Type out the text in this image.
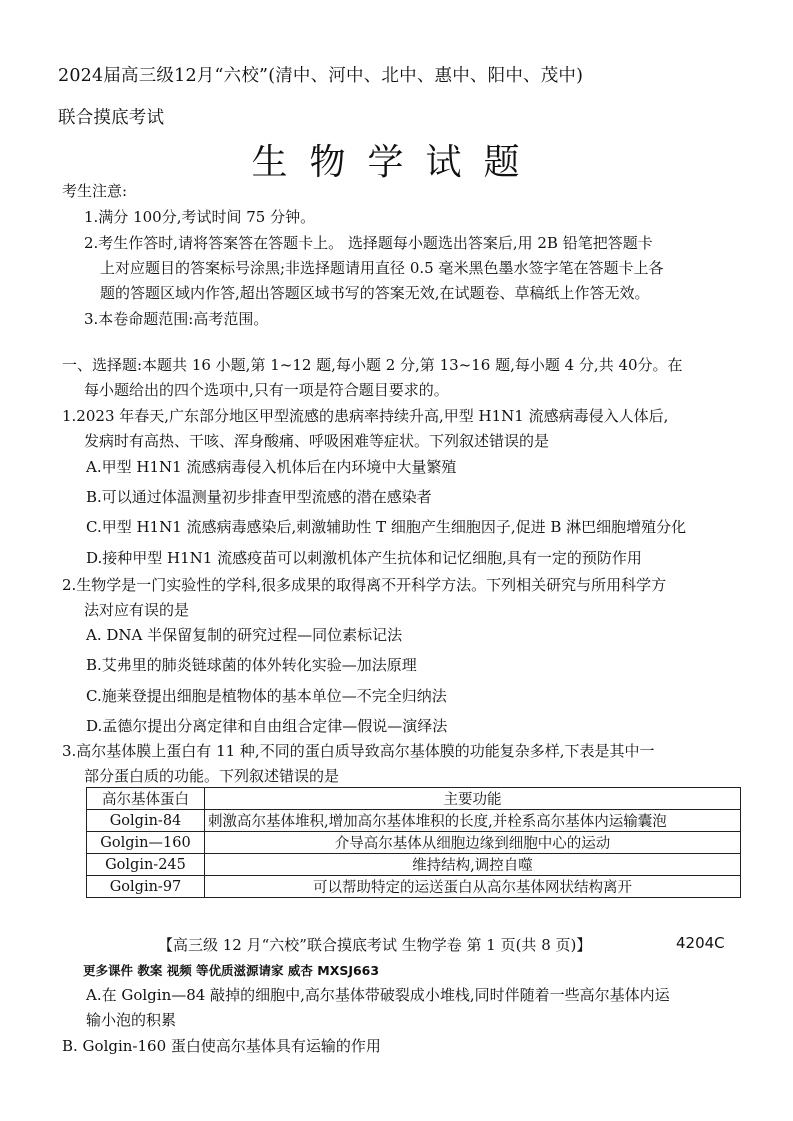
2024届高三级12月“六校”(清中、河中、北中、惠中、阳中、茂中)
联合摸底考试
生物学试题
考生注意:
1.满分 100分,考试时间 75 分钟。
2.考生作答时,请将答案答在答题卡上。 选择题每小题选出答案后,用 2B 铅笔把答题卡
上对应题目的答案标号涂黑;非选择题请用直径 0.5 毫米黑色墨水签字笔在答题卡上各
题的答题区域内作答,超出答题区域书写的答案无效,在试题卷、草稿纸上作答无效。
3.本卷命题范围:高考范围。
一、选择题:本题共 16 小题,第 1~12 题,每小题 2 分,第 13~16 题,每小题 4 分,共 40分。在
每小题给出的四个选项中,只有一项是符合题目要求的。
1.2023 年春天,广东部分地区甲型流感的患病率持续升高,甲型 H1N1 流感病毒侵入人体后,
发病时有高热、干咳、浑身酸痛、呼吸困难等症状。下列叙述错误的是
A.甲型 H1N1 流感病毒侵入机体后在内环境中大量繁殖
B.可以通过体温测量初步排查甲型流感的潜在感染者
C.甲型 H1N1 流感病毒感染后,刺激辅助性 T 细胞产生细胞因子,促进 B 淋巴细胞增殖分化
D.接种甲型 H1N1 流感疫苗可以刺激机体产生抗体和记忆细胞,具有一定的预防作用
2.生物学是一门实验性的学科,很多成果的取得离不开科学方法。下列相关研究与所用科学方
法对应有误的是
A. DNA 半保留复制的研究过程—同位素标记法
B.艾弗里的肺炎链球菌的体外转化实验—加法原理
C.施莱登提出细胞是植物体的基本单位—不完全归纳法
D.孟德尔提出分离定律和自由组合定律—假说—演绎法
3.高尔基体膜上蛋白有 11 种,不同的蛋白质导致高尔基体膜的功能复杂多样,下表是其中一
部分蛋白质的功能。下列叙述错误的是
高尔基体蛋白	主要功能
Golgin-84	刺激高尔基体堆积,增加高尔基体堆积的长度,并栓系高尔基体内运输囊泡
Golgin—160	介导高尔基体从细胞边缘到细胞中心的运动
Golgin-245	维持结构,调控自噬
Golgin-97	可以帮助特定的运送蛋白从高尔基体网状结构离开
【高三级 12 月“六校”联合摸底考试 生物学卷 第 1 页(共 8 页)】	4204C
更多课件 教案 视频 等优质滋源请家 威杏 MXSJ663
A.在 Golgin—84 敲掉的细胞中,高尔基体带破裂成小堆栈,同时伴随着一些高尔基体内运
输小泡的积累
B. Golgin-160 蛋白使高尔基体具有运输的作用
